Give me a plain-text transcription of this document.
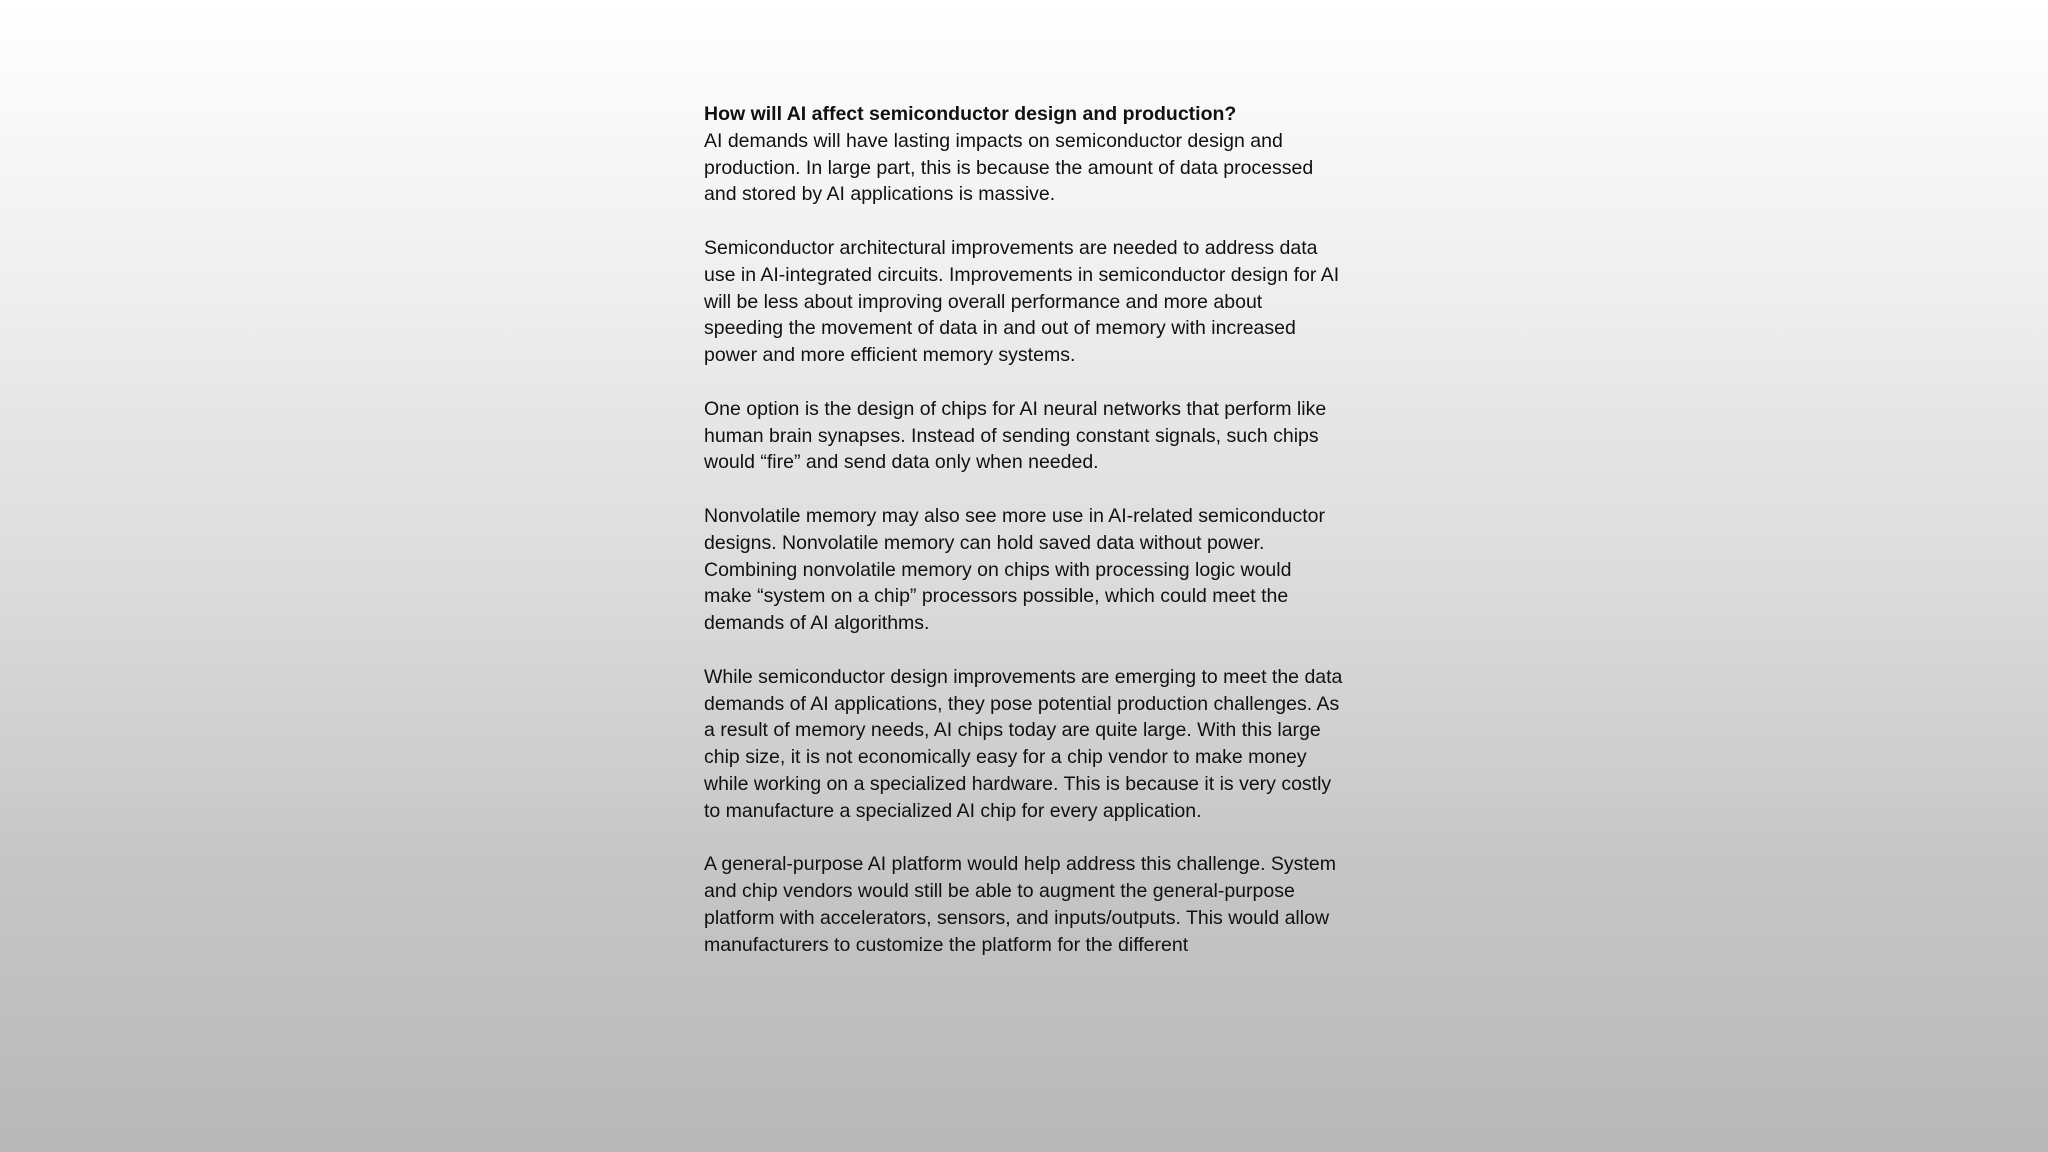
How will AI affect semiconductor design and production?

AI demands will have lasting impacts on semiconductor design and production. In large part, this is because the amount of data processed and stored by AI applications is massive.

Semiconductor architectural improvements are needed to address data use in AI-integrated circuits. Improvements in semiconductor design for AI will be less about improving overall performance and more about speeding the movement of data in and out of memory with increased power and more efficient memory systems.

One option is the design of chips for AI neural networks that perform like human brain synapses. Instead of sending constant signals, such chips would “fire” and send data only when needed.

Nonvolatile memory may also see more use in AI-related semiconductor designs. Nonvolatile memory can hold saved data without power. Combining nonvolatile memory on chips with processing logic would make “system on a chip” processors possible, which could meet the demands of AI algorithms.

While semiconductor design improvements are emerging to meet the data demands of AI applications, they pose potential production challenges. As a result of memory needs, AI chips today are quite large. With this large chip size, it is not economically easy for a chip vendor to make money while working on a specialized hardware. This is because it is very costly to manufacture a specialized AI chip for every application.

A general-purpose AI platform would help address this challenge. System and chip vendors would still be able to augment the general-purpose platform with accelerators, sensors, and inputs/outputs. This would allow manufacturers to customize the platform for the different
